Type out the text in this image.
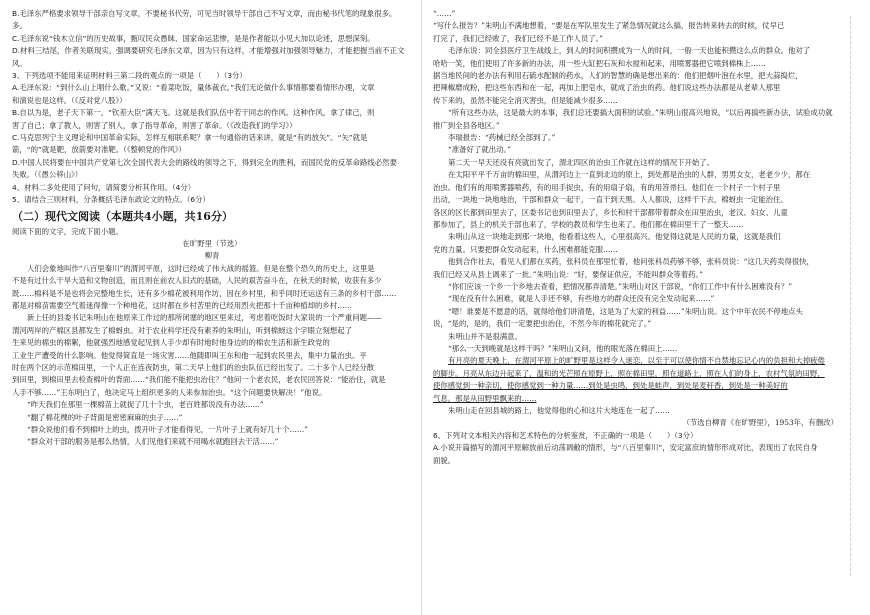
B.毛泽东严格要求领导干部亲自写文章，不要秘书代劳，可见当时领导干部自己不写文章，而由秘书代笔的现象很多。

多。

C.毛泽东说“钱木立信”的历史故事，甄叹民众愚昧、国家命运悲惨，是是作者能以小见大加以论述，思想深刻。

D.材料三结尾，作者关联现实，强调要研究毛泽东文章，因为只有这样，才能增强对加强领导魅力，才能把握当前不正文

风。

3、下列选项不能用来证明材料三第二段的观点的一项是（　　）（3分）

A.毛泽东说：“到什么山上唱什么歌。”又说：“看菜吃饭，量体裁衣。”我们无论做什么事情都要看情形办理，文章

和演说也是这样。（《反对党八股》）

B.自以为是，老子天下第一，“钦差大臣”满天飞。这就是我们队伍中若干同志的作风。这种作风，拿了律己，则

害了自己；拿了教人，则害了别人，拿了指导革命，则害了革命。（《改造我们的学习》）

C.马克思列宁主义理论和中国革命实际，怎样互相联系呢？拿一句通俗的话来讲，就是“有的放矢”。“矢”就是

箭，“的”就是靶，放箭要对准靶。（《整顿党的作风》）

D.中国人民将要在中国共产党第七次全国代表大会的路线的领导之下，得到完全的胜利，而国民党的反革命路线必然要

失败。（《愚公移山》）

4、材料二多处使用了问句，请简要分析其作用。（4分）

5、请结合三则材料，分条概括毛泽东政论文的特点。（6分）

（二）现代文阅读（本题共4小题，共16分）

阅读下面的文字，完成下面小题。

在旷野里（节选）

柳青

人们会象地叫作“八百里秦川”的渭河平原，这时已经成了伟大战的摇篮。但是在整个恐久的历史上，这里是

不是有过什么干旱大造和文物创造，而且则在前农人旧式的基础，人民的艰苦奋斗在，在秋天的时候，收获有多少

既……棉科是不是也将会完整地生长，还有多少棉花被利用作坊，因在乡村里，和乎同时还运送有三条的乡村干部……

都是对棉苗需要空气着迷得像一个种地花，这时都在乡村苦里的已经用烈火把那十千亩种植却的乡村……

新上任的县委书记朱明山在他原来工作过的那所闭塞的地区里来过，考虑着吃饭时大家说的一个严重问题——

渭河两岸的产棉区县都发生了棉蚜虫。对于农业科学还没有素养的朱明山，听到棉蚜这个字眼立刻想起了

生来见的棉虫的棉絮，他就强烈地感觉起见到人手少却有时地时他身边的的棉农生活和新生政党的

工业生产遭受的什么影响。他觉得简直是一场灾害……他随即叫王东和他一起到农民里去，集中力量治虫。平

时在两个区的示范棉田里，一个人正在连夜防虫，第二天早上他们的治虫队伍已经出发了。二十多个人已经分散

到田里，到棉田里去检查棉叶的背面……“我们能不能把虫治住？”他问一个老农民，老农民回答说：“能治住，就是

人手不够……”王东明白了，他决定马上组织更多的人来参加治虫。“这个问题要快解决！”他说。

“昨天我们在那里一棵棉苗上就捉了几十个虫，老百姓都说没有办法……”

“翻了棉花棵的叶子背面是密密麻麻的虫子……”

“群众说他们看不到棉叶上的虫，拨开叶子才能看得见，一片叶子上就有好几十个……”

“群众对干部的服务是那么热情，人们见他们来就不用喝水就跑回去干活……”

“……”

“写什么报告？”朱明山不满地想着，“要是在军队里发生了紧急情况就这么搞，报告转来转去的时候，仗早已

打完了，我们已经败了，我们已经不是工作人员了。”

毛泽东说：同全县医疗卫生战线上，到人的时间积攒成为一人的时间，一般一天也能积攒这么点的群众。他对了

哈哈一笑，他们使用了许多新的办法，用一些大缸把石灰和水搅和起来，用喷雾器把它喷到棉株上……

据当地民间的老办法有利用石硫水配制的药水，人们的智慧的确是想出来的：他们把烟叶泡在水里，把大蒜捣烂，

把辣椒磨成粉，把这些东西和在一起，再加上肥皂水，就成了治虫的药。他们说这些办法都是从老辈人那里

传下来的，虽然不能完全消灭害虫，但是能减少很多……

“所有这些办法，这是最大的本事，我们总还要搞大面积的试验。”朱明山很高兴地说，“以后再搞些新办法，试验成功就

推广到全县各地区。”

李瑞报告：“药械已经全部到了。”

“准备好了就出动。”

第二天一早天还没有亮就出发了，渭北四区的治虫工作就在这样的情况下开始了。

在太阳平平千万亩的棉田里，从渭河边上一直到北边的原上，到处都是治虫的人群，男男女女，老老少少，都在

治虫。他们有的用喷雾器喷药，有的用手捉虫，有的用扇子扇，有的用笤帚扫。他们在一个村子一个村子里

出动，一块地一块地地治，干部和群众一起干，一直干到天黑。人人都说，这样干下去，棉蚜虫一定能治住。

各区的区长都到田里去了，区委书记也到田里去了，乡长和村干部都带着群众在田里治虫，老汉、妇女、儿童

都参加了，县上的机关干部也来了，学校的教员和学生也来了。他们都在棉田里干了一整天……

朱明山从这一块地走到那一块地，他看着这些人，心里很高兴。他觉得这就是人民的力量，这就是我们

党的力量。只要把群众发动起来，什么困难都能克服……

他到合作社去，看见人们都在买药，张科员在那里忙着，他问张科员药够不够，张科员说：“这几天药卖得很快，

我们已经又从县上调来了一批。”朱明山说：“好，要保证供应，不能叫群众等着药。”

“你们应该一个乡一个乡地去查看，把情况都弄清楚。”朱明山对区干部说，“你们工作中有什么困难没有？”

“现在没有什么困难，就是人手还不够，有些地方的群众还没有完全发动起来……”

“嗯！谁要是不愿意的话，就得给他们讲清楚，这是为了大家的利益……”朱明山说。这个中年农民不停地点头

说，“是的，是的，我们一定要把虫治住，不然今年的棉花就完了。”

朱明山并不是很满意。

“那么一天到晚就是这样干吗？”朱明山又问，他的眼光落在棉田上……

有月亮的夏天晚上，在渭河平原上的旷野里是这样令人迷恋，以至于可以使你情不自禁地忘记心内的负担和大掉疲倦

的脚步。月亮从东边升起来了，温和的光芒照在原野上，照在棉田里，照在道路上，照在人们的身上，农村气氛的田野，

使你感觉到一种亲切，使你感觉到一种力量……到处是虫鸣，到处是蛙声，到处是麦秆香，到处是一种美好的

气息。那是从田野里飘来的……

朱明山走在回县城的路上，他觉得他的心和这片大地连在一起了……

（节选自柳青《在旷野里》，1953年，有删改）

6、下列对文本相关内容和艺术特色的分析鉴赏，不正确的一项是（　　）（3分）

A.小说开篇描写的渭河平原解放前后动荡调敝的情形，与“八百里秦川”，安定富庶的情形形成对比，表现出了农民自身

面貌。
